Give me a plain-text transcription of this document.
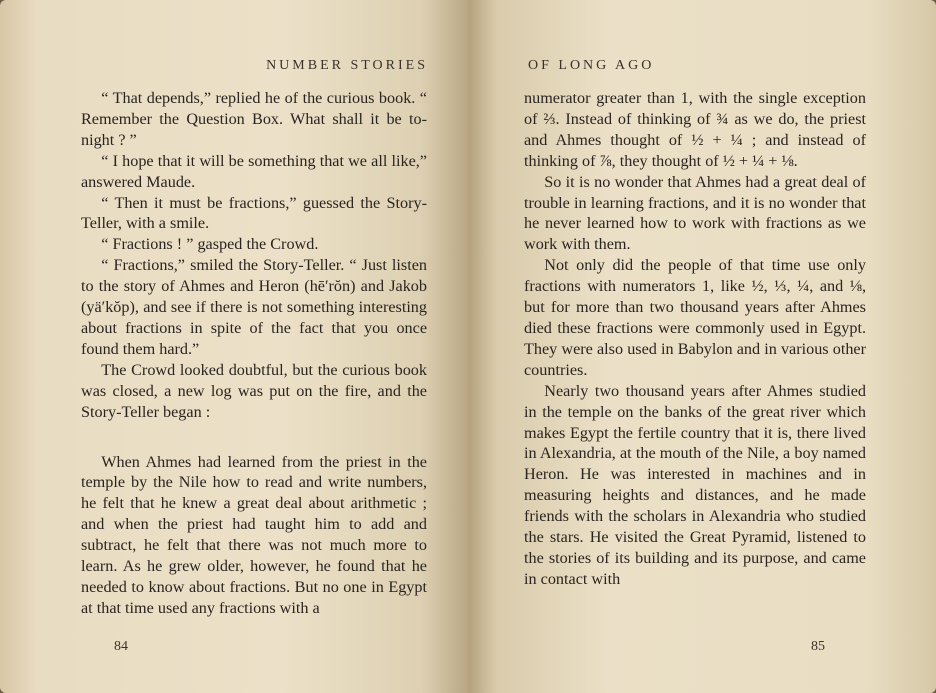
NUMBER STORIES

“ That depends,” replied he of the curious book. “ Remember the Question Box. What shall it be to-night ? ”

“ I hope that it will be something that we all like,” answered Maude.

“ Then it must be fractions,” guessed the Story-Teller, with a smile.

“ Fractions ! ” gasped the Crowd.

“ Fractions,” smiled the Story-Teller. “ Just listen to the story of Ahmes and Heron (hē′rŏn) and Jakob (yä′kŏp), and see if there is not something interesting about fractions in spite of the fact that you once found them hard.”

The Crowd looked doubtful, but the curious book was closed, a new log was put on the fire, and the Story-Teller began :

When Ahmes had learned from the priest in the temple by the Nile how to read and write numbers, he felt that he knew a great deal about arithmetic ; and when the priest had taught him to add and subtract, he felt that there was not much more to learn. As he grew older, however, he found that he needed to know about fractions. But no one in Egypt at that time used any fractions with a

84
OF LONG AGO

numerator greater than 1, with the single exception of ⅔. Instead of thinking of ¾ as we do, the priest and Ahmes thought of ½ + ¼ ; and instead of thinking of ⅞, they thought of ½ + ¼ + ⅛.

So it is no wonder that Ahmes had a great deal of trouble in learning fractions, and it is no wonder that he never learned how to work with fractions as we work with them.

Not only did the people of that time use only fractions with numerators 1, like ½, ⅓, ¼, and ⅛, but for more than two thousand years after Ahmes died these fractions were commonly used in Egypt. They were also used in Babylon and in various other countries.

Nearly two thousand years after Ahmes studied in the temple on the banks of the great river which makes Egypt the fertile country that it is, there lived in Alexandria, at the mouth of the Nile, a boy named Heron. He was interested in machines and in measuring heights and distances, and he made friends with the scholars in Alexandria who studied the stars. He visited the Great Pyramid, listened to the stories of its building and its purpose, and came in contact with

85
